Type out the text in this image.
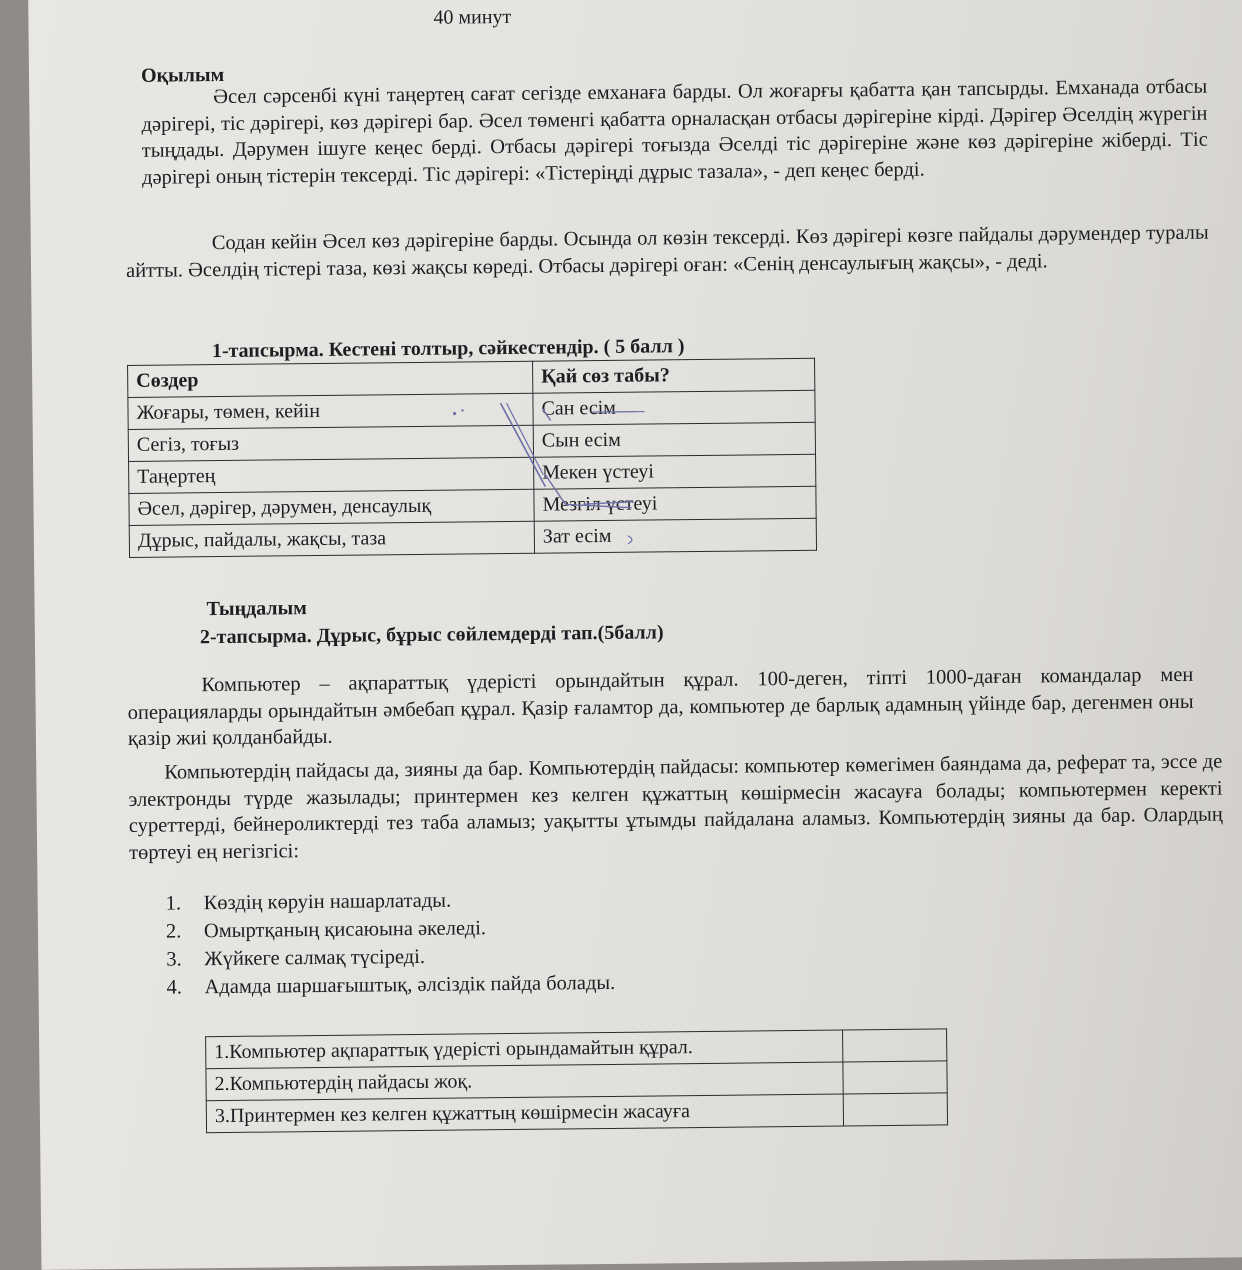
40 минут
Оқылым
Әсел сәрсенбі күні таңертең сағат сегізде емханаға барды. Ол жоғарғы қабатта қан тапсырды. Емханада отбасы дәрігері, тіс дәрігері, көз дәрігері бар. Әсел төменгі қабатта орналасқан отбасы дәрігеріне кірді. Дәрігер Әселдің жүрегін тыңдады. Дәрумен ішуге кеңес берді. Отбасы дәрігері тоғызда Әселді тіс дәрігеріне және көз дәрігеріне жіберді. Тіс дәрігері оның тістерін тексерді. Тіс дәрігері: «Тістеріңді дұрыс тазала», - деп кеңес берді.
Содан кейін Әсел көз дәрігеріне барды. Осында ол көзін тексерді. Көз дәрігері көзге пайдалы дәрумендер туралы айтты. Әселдің тістері таза, көзі жақсы көреді. Отбасы дәрігері оған: «Сенің денсаулығың жақсы», - деді.
1-тапсырма. Кестені толтыр, сәйкестендір. ( 5 балл )
Сөздер	Қай сөз табы?
Жоғары, төмен, кейін	Сан есім
Сегіз, тоғыз	Сын есім
Таңертең	Мекен үстеуі
Әсел, дәрігер, дәрумен, денсаулық	Мезгіл үстеуі
Дұрыс, пайдалы, жақсы, таза	Зат есім
Тыңдалым
2-тапсырма. Дұрыс, бұрыс сөйлемдерді тап.(5балл)
Компьютер – ақпараттық үдерісті орындайтын құрал. 100-деген, тіпті 1000-даған командалар мен операцияларды орындайтын әмбебап құрал. Қазір ғаламтор да, компьютер де барлық адамның үйінде бар, дегенмен оны қазір жиі қолданбайды.
Компьютердің пайдасы да, зияны да бар. Компьютердің пайдасы: компьютер көмегімен баяндама да, реферат та, эссе де электронды түрде жазылады; принтермен кез келген құжаттың көшірмесін жасауға болады; компьютермен керекті суреттерді, бейнероликтерді тез таба аламыз; уақытты ұтымды пайдалана аламыз. Компьютердің зияны да бар. Олардың төртеуі ең негізгісі:
1. Көздің көруін нашарлатады.
2. Омыртқаның қисаюына әкеледі.
3. Жүйкеге салмақ түсіреді.
4. Адамда шаршағыштық, әлсіздік пайда болады.
1.Компьютер ақпараттық үдерісті орындамайтын құрал.	
2.Компьютердің пайдасы жоқ.	
3.Принтермен кез келген құжаттың көшірмесін жасауға	
